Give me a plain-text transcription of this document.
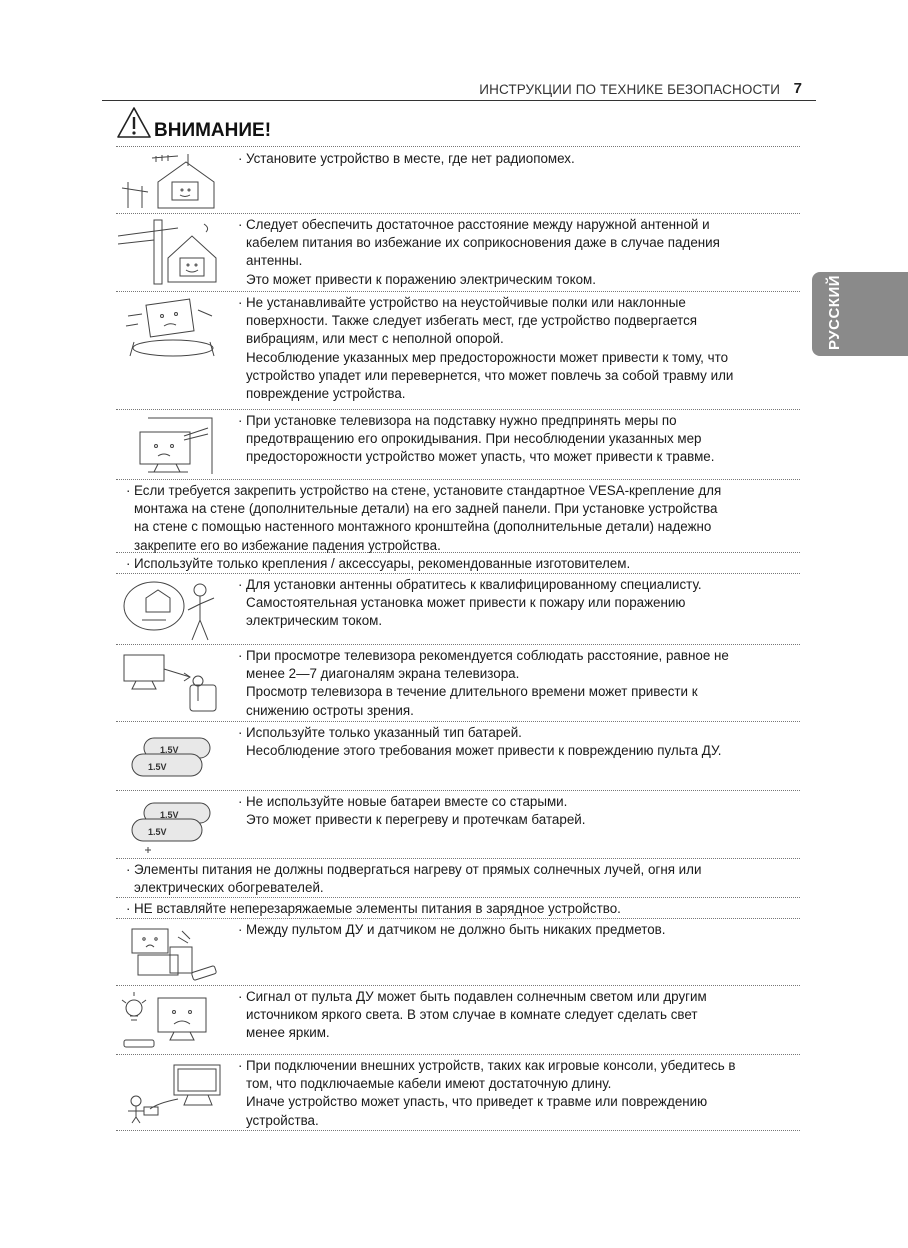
ИНСТРУКЦИИ ПО ТЕХНИКЕ БЕЗОПАСНОСТИ 7
РУССКИЙ
ВНИМАНИЕ!
· Установите устройство в месте, где нет радиопомех.
· Следует обеспечить достаточное расстояние между наружной антенной и
кабелем питания во избежание их соприкосновения даже в случае падения
антенны.
Это может привести к поражению электрическим током.
· Не устанавливайте устройство на неустойчивые полки или наклонные
поверхности. Также следует избегать мест, где устройство подвергается
вибрациям, или мест с неполной опорой.
Несоблюдение указанных мер предосторожности может привести к тому, что
устройство упадет или перевернется, что может повлечь за собой травму или
повреждение устройства.
· При установке телевизора на подставку нужно предпринять меры по
предотвращению его опрокидывания. При несоблюдении указанных мер
предосторожности устройство может упасть, что может привести к травме.
· Если требуется закрепить устройство на стене, установите стандартное VESA-крепление для
монтажа на стене (дополнительные детали) на его задней панели. При установке устройства
на стене с помощью настенного монтажного кронштейна (дополнительные детали) надежно
закрепите его во избежание падения устройства.
· Используйте только крепления / аксессуары, рекомендованные изготовителем.
· Для установки антенны обратитесь к квалифицированному специалисту.
Самостоятельная установка может привести к пожару или поражению
электрическим током.
· При просмотре телевизора рекомендуется соблюдать расстояние, равное не
менее 2—7 диагоналям экрана телевизора.
Просмотр телевизора в течение длительного времени может привести к
снижению остроты зрения.
1.5V
1.5V
· Используйте только указанный тип батарей.
Несоблюдение этого требования может привести к повреждению пульта ДУ.
1.5V
1.5V
· Не используйте новые батареи вместе со старыми.
Это может привести к перегреву и протечкам батарей.
· Элементы питания не должны подвергаться нагреву от прямых солнечных лучей, огня или
электрических обогревателей.
· НЕ вставляйте неперезаряжаемые элементы питания в зарядное устройство.
· Между пультом ДУ и датчиком не должно быть никаких предметов.
· Сигнал от пульта ДУ может быть подавлен солнечным светом или другим
источником яркого света. В этом случае в комнате следует сделать свет
менее ярким.
· При подключении внешних устройств, таких как игровые консоли, убедитесь в
том, что подключаемые кабели имеют достаточную длину.
Иначе устройство может упасть, что приведет к травме или повреждению
устройства.
